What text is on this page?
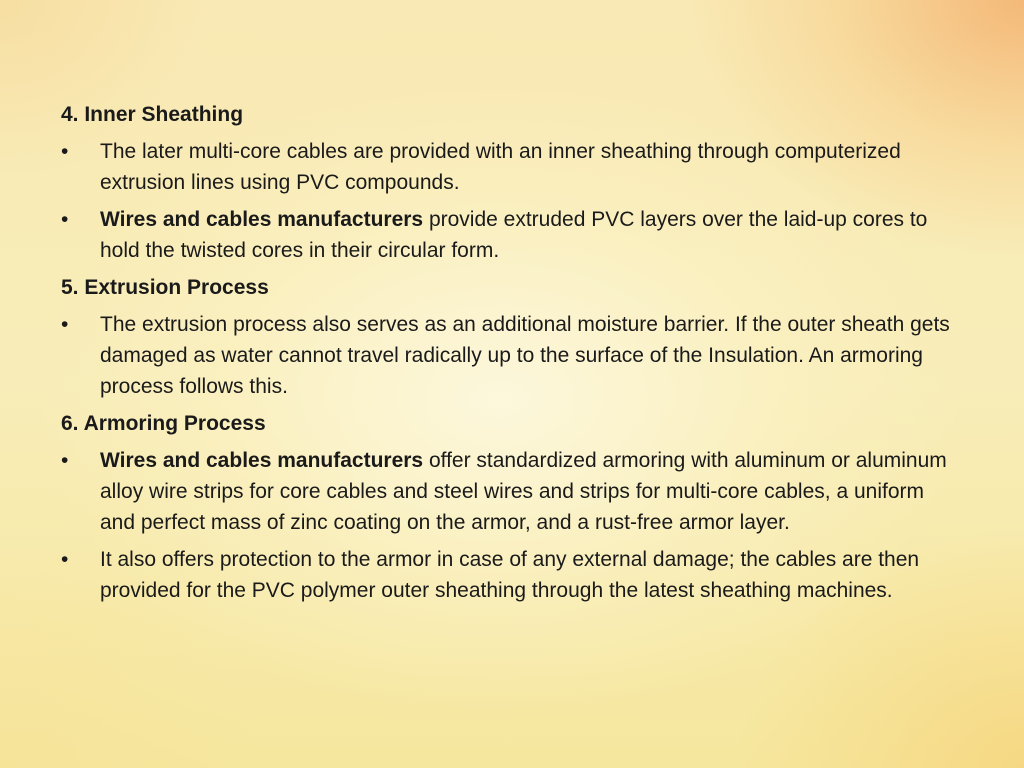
4. Inner Sheathing
•	The later multi-core cables are provided with an inner sheathing through computerized extrusion lines using PVC compounds.
•	Wires and cables manufacturers provide extruded PVC layers over the laid-up cores to hold the twisted cores in their circular form.
5. Extrusion Process
•	The extrusion process also serves as an additional moisture barrier. If the outer sheath gets damaged as water cannot travel radically up to the surface of the Insulation. An armoring process follows this.
6. Armoring Process
•	Wires and cables manufacturers offer standardized armoring with aluminum or aluminum alloy wire strips for core cables and steel wires and strips for multi-core cables, a uniform and perfect mass of zinc coating on the armor, and a rust-free armor layer.
•	It also offers protection to the armor in case of any external damage; the cables are then provided for the PVC polymer outer sheathing through the latest sheathing machines.
